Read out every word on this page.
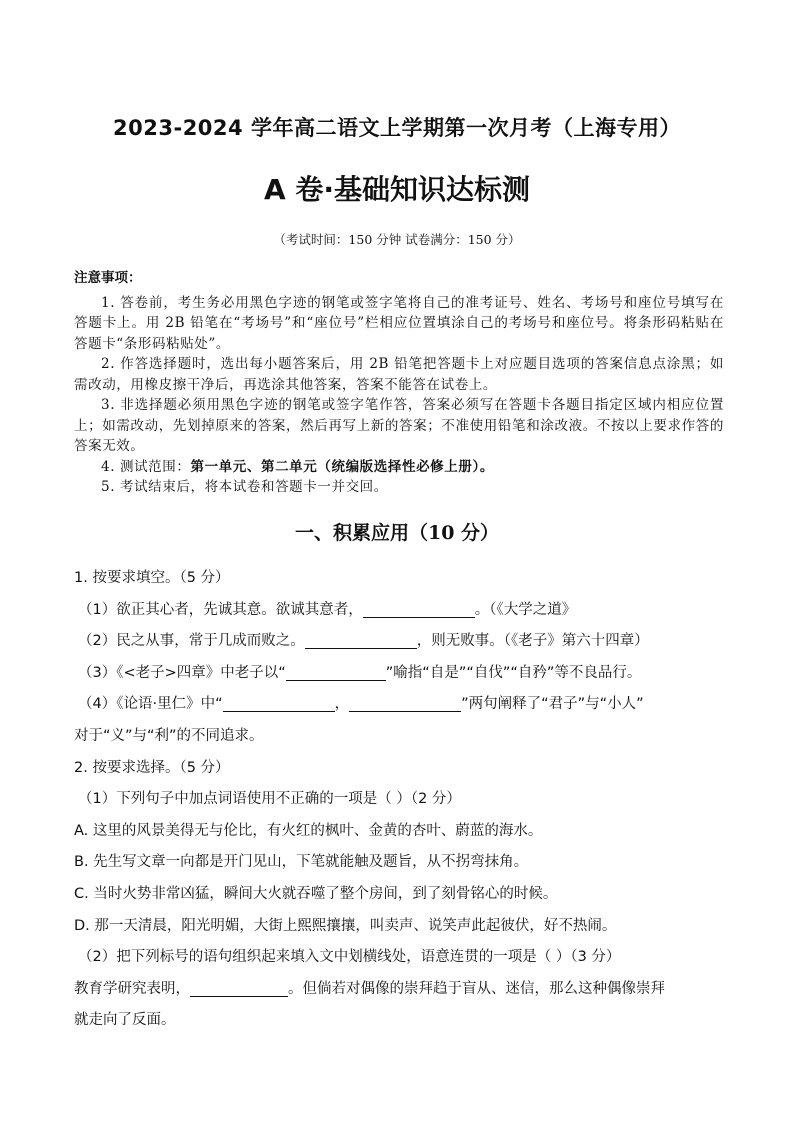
2023-2024 学年高二语文上学期第一次月考（上海专用）
A 卷·基础知识达标测
（考试时间：150 分钟 试卷满分：150 分）
注意事项：
1. 答卷前，考生务必用黑色字迹的钢笔或签字笔将自己的准考证号、姓名、考场号和座位号填写在答题卡上。用 2B 铅笔在“考场号”和“座位号”栏相应位置填涂自己的考场号和座位号。将条形码粘贴在答题卡“条形码粘贴处”。
2. 作答选择题时，选出每小题答案后，用 2B 铅笔把答题卡上对应题目选项的答案信息点涂黑；如需改动，用橡皮擦干净后，再选涂其他答案，答案不能答在试卷上。
3. 非选择题必须用黑色字迹的钢笔或签字笔作答，答案必须写在答题卡各题目指定区域内相应位置上；如需改动，先划掉原来的答案，然后再写上新的答案；不准使用铅笔和涂改液。不按以上要求作答的答案无效。
4. 测试范围：第一单元、第二单元（统编版选择性必修上册）。
5. 考试结束后，将本试卷和答题卡一并交回。
一、积累应用（10 分）
1. 按要求填空。（5 分）
（1）欲正其心者，先诚其意。欲诚其意者，	。（《大学之道》
（2）民之从事，常于几成而败之。	，则无败事。（《老子》第六十四章）
（3）《<老子>四章》中老子以“	”喻指“自是”“自伐”“自矜”等不良品行。
（4）《论语·里仁》中“	，	”两句阐释了“君子”与“小人”
对于“义”与“利”的不同追求。
2. 按要求选择。（5 分）
（1）下列句子中加点词语使用不正确的一项是（ ）（2 分）
A. 这里的风景美得无与伦比，有火红的枫叶、金黄的杏叶、蔚蓝的海水。
B. 先生写文章一向都是开门见山，下笔就能触及题旨，从不拐弯抹角。
C. 当时火势非常凶猛，瞬间大火就吞噬了整个房间，到了刻骨铭心的时候。
D. 那一天清晨，阳光明媚，大街上熙熙攘攘，叫卖声、说笑声此起彼伏，好不热闹。
（2）把下列标号的语句组织起来填入文中划横线处，语意连贯的一项是（ ）（3 分）
教育学研究表明，	。但倘若对偶像的崇拜趋于盲从、迷信，那么这种偶像崇拜
就走向了反面。
